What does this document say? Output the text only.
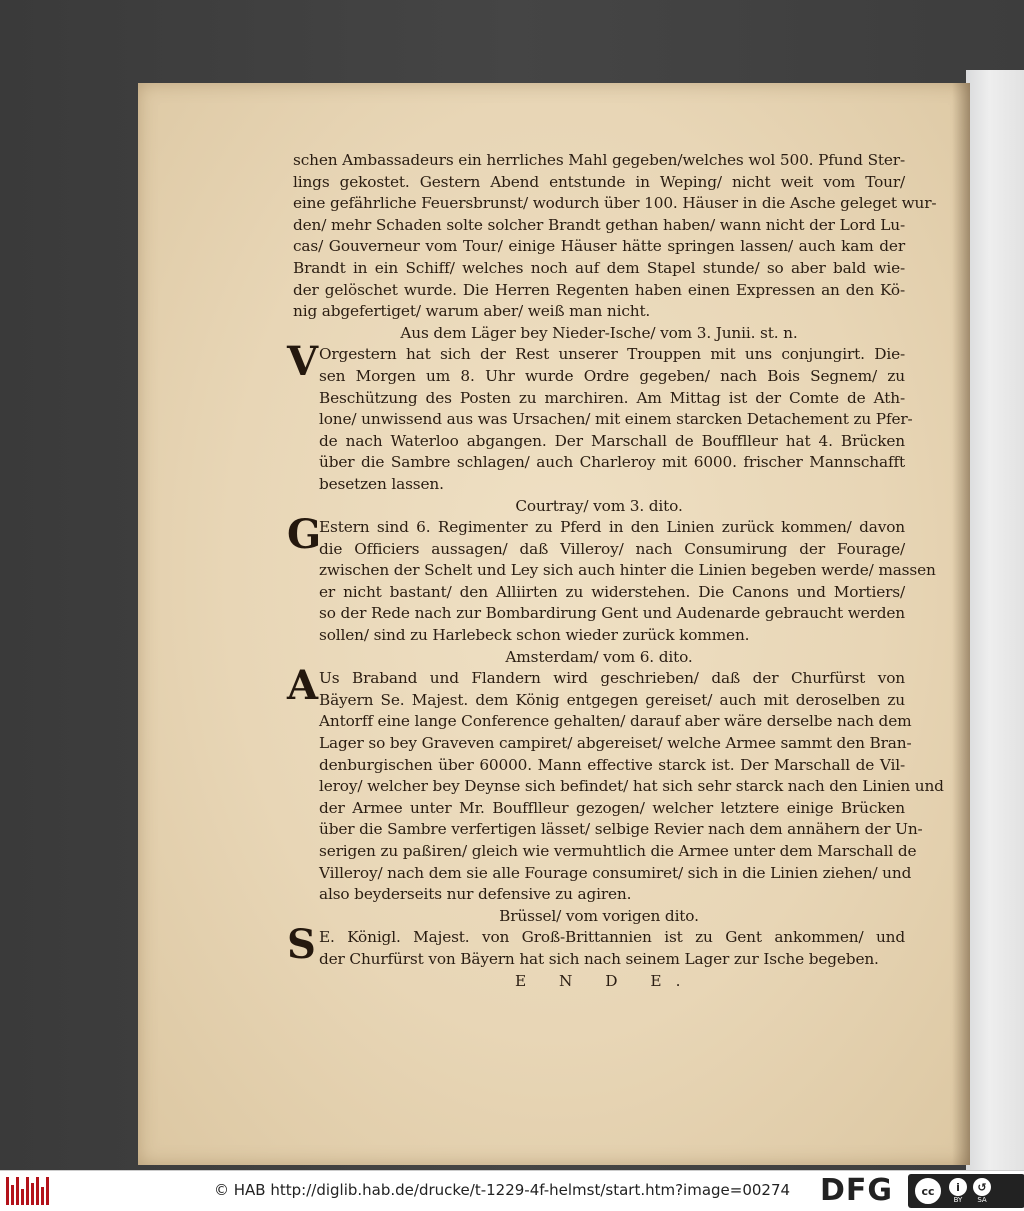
schen Ambassadeurs ein herrliches Mahl gegeben/welches wol 500. Pfund Ster-
lings gekostet. Gestern Abend entstunde in Weping/ nicht weit vom Tour/
eine gefährliche Feuersbrunst/ wodurch über 100. Häuser in die Asche geleget wur-
den/ mehr Schaden solte solcher Brandt gethan haben/ wann nicht der Lord Lu-
cas/ Gouverneur vom Tour/ einige Häuser hätte springen lassen/ auch kam der
Brandt in ein Schiff/ welches noch auf dem Stapel stunde/ so aber bald wie-
der gelöschet wurde. Die Herren Regenten haben einen Expressen an den Kö-
nig abgefertiget/ warum aber/ weiß man nicht.
Aus dem Läger bey Nieder-Ische/ vom 3. Junii. st. n.
V Orgestern hat sich der Rest unserer Trouppen mit uns conjungirt. Die-
sen Morgen um 8. Uhr wurde Ordre gegeben/ nach Bois Segnem/ zu
Beschützung des Posten zu marchiren. Am Mittag ist der Comte de Ath-
lone/ unwissend aus was Ursachen/ mit einem starcken Detachement zu Pfer-
de nach Waterloo abgangen. Der Marschall de Boufflleur hat 4. Brücken
über die Sambre schlagen/ auch Charleroy mit 6000. frischer Mannschafft
besetzen lassen.
Courtray/ vom 3. dito.
G
Estern sind 6. Regimenter zu Pferd in den Linien zurück kommen/ davon
die Officiers aussagen/ daß Villeroy/ nach Consumirung der Fourage/
zwischen der Schelt und Ley sich auch hinter die Linien begeben werde/ massen
er nicht bastant/ den Alliirten zu widerstehen. Die Canons und Mortiers/
so der Rede nach zur Bombardirung Gent und Audenarde gebraucht werden
sollen/ sind zu Harlebeck schon wieder zurück kommen.
Amsterdam/ vom 6. dito.
A Us Braband und Flandern wird geschrieben/ daß der Churfürst von
Bäyern Se. Majest. dem König entgegen gereiset/ auch mit deroselben zu
Antorff eine lange Conference gehalten/ darauf aber wäre derselbe nach dem
Lager so bey Graveven campiret/ abgereiset/ welche Armee sammt den Bran-
denburgischen über 60000. Mann effective starck ist. Der Marschall de Vil-
leroy/ welcher bey Deynse sich befindet/ hat sich sehr starck nach den Linien und
der Armee unter Mr. Boufflleur gezogen/ welcher letztere einige Brücken
über die Sambre verfertigen lässet/ selbige Revier nach dem annähern der Un-
serigen zu paßiren/ gleich wie vermuhtlich die Armee unter dem Marschall de
Villeroy/ nach dem sie alle Fourage consumiret/ sich in die Linien ziehen/ und
also beyderseits nur defensive zu agiren.
Brüssel/ vom vorigen dito.
S E. Königl. Majest. von Groß-Brittannien ist zu Gent ankommen/ und
der Churfürst von Bäyern hat sich nach seinem Lager zur Ische begeben.
E N D E.
© HAB http://diglib.hab.de/drucke/t-1229-4f-helmst/start.htm?image=00274 DFG	cc	i
BY
↺
SA
